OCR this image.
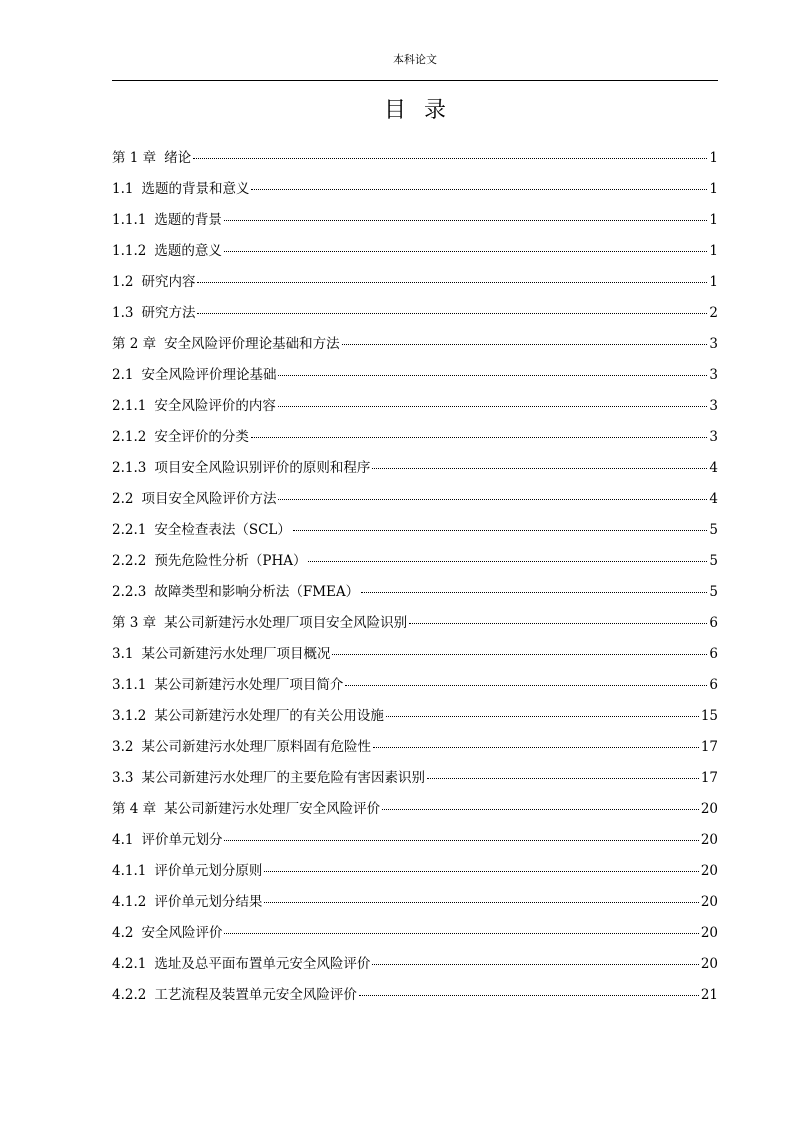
本科论文
目录
第 1 章 绪论	1
1.1 选题的背景和意义	1
1.1.1 选题的背景	1
1.1.2 选题的意义	1
1.2 研究内容	1
1.3 研究方法	2
第 2 章 安全风险评价理论基础和方法	3
2.1 安全风险评价理论基础	3
2.1.1 安全风险评价的内容	3
2.1.2 安全评价的分类	3
2.1.3 项目安全风险识别评价的原则和程序	4
2.2 项目安全风险评价方法	4
2.2.1 安全检查表法（SCL）	5
2.2.2 预先危险性分析（PHA）	5
2.2.3 故障类型和影响分析法（FMEA）	5
第 3 章 某公司新建污水处理厂项目安全风险识别	6
3.1 某公司新建污水处理厂项目概况	6
3.1.1 某公司新建污水处理厂项目简介	6
3.1.2 某公司新建污水处理厂的有关公用设施	15
3.2 某公司新建污水处理厂原料固有危险性	17
3.3 某公司新建污水处理厂的主要危险有害因素识别	17
第 4 章 某公司新建污水处理厂安全风险评价	20
4.1 评价单元划分	20
4.1.1 评价单元划分原则	20
4.1.2 评价单元划分结果	20
4.2 安全风险评价	20
4.2.1 选址及总平面布置单元安全风险评价	20
4.2.2 工艺流程及装置单元安全风险评价	21
